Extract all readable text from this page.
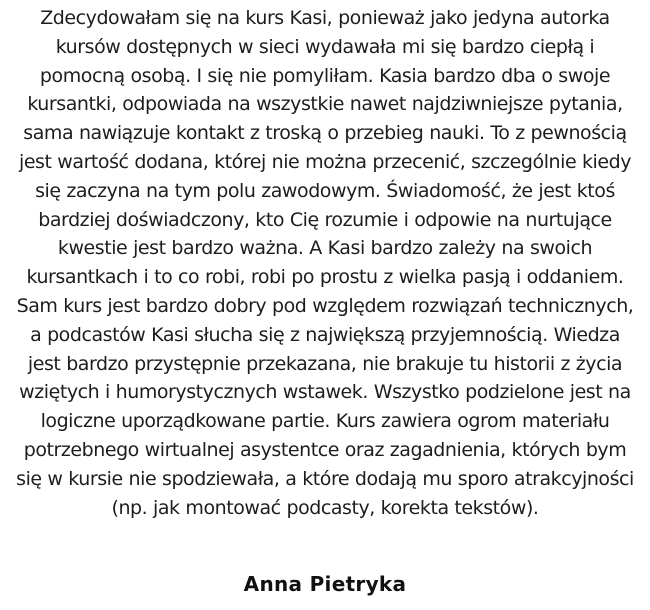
Zdecydowałam się na kurs Kasi, ponieważ jako jedyna autorka kursów dostępnych w sieci wydawała mi się bardzo ciepłą i pomocną osobą. I się nie pomyliłam. Kasia bardzo dba o swoje kursantki, odpowiada na wszystkie nawet najdziwniejsze pytania, sama nawiązuje kontakt z troską o przebieg nauki. To z pewnością jest wartość dodana, której nie można przecenić, szczególnie kiedy się zaczyna na tym polu zawodowym. Świadomość, że jest ktoś bardziej doświadczony, kto Cię rozumie i odpowie na nurtujące kwestie jest bardzo ważna. A Kasi bardzo zależy na swoich kursantkach i to co robi, robi po prostu z wielka pasją i oddaniem. Sam kurs jest bardzo dobry pod względem rozwiązań technicznych, a podcastów Kasi słucha się z największą przyjemnością. Wiedza jest bardzo przystępnie przekazana, nie brakuje tu historii z życia wziętych i humorystycznych wstawek. Wszystko podzielone jest na logiczne uporządkowane partie. Kurs zawiera ogrom materiału potrzebnego wirtualnej asystentce oraz zagadnienia, których bym się w kursie nie spodziewała, a które dodają mu sporo atrakcyjności (np. jak montować podcasty, korekta tekstów).

Anna Pietryka
